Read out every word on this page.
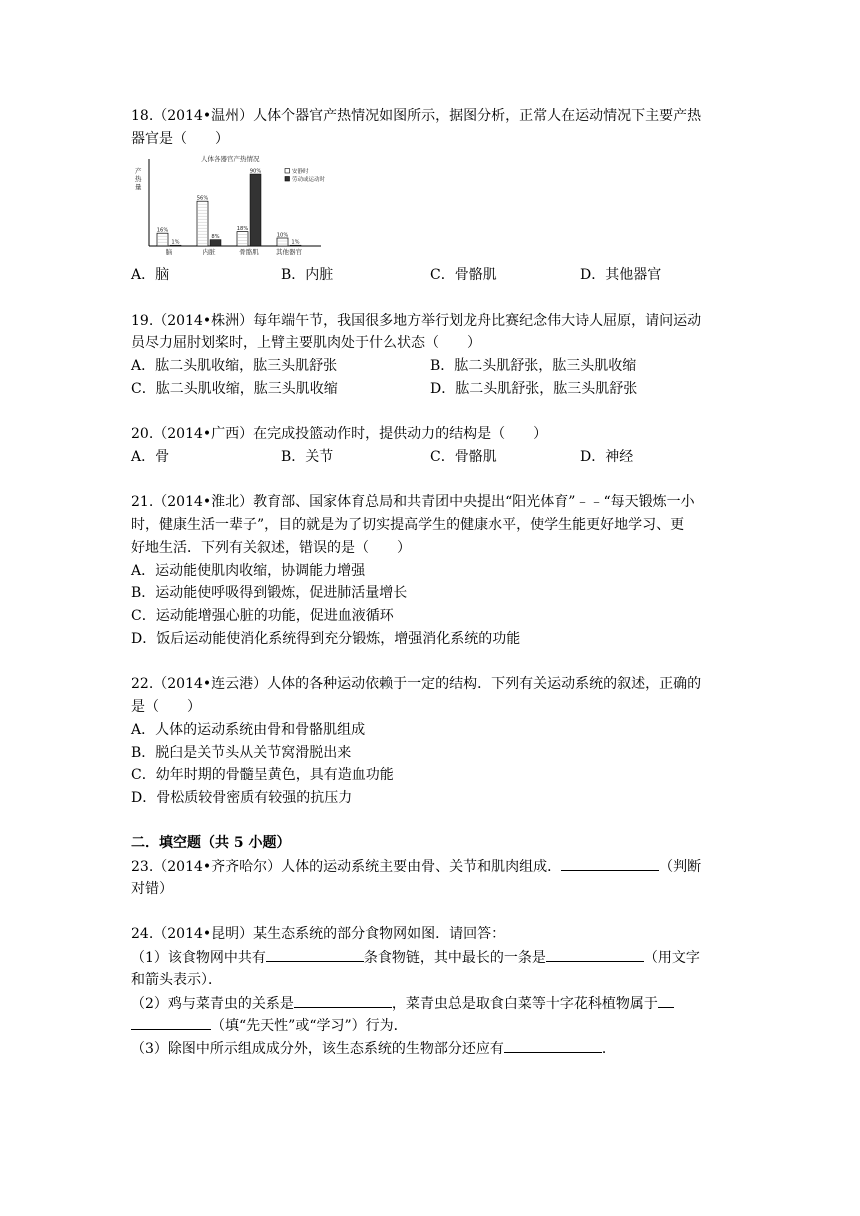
18.（2014•温州）人体个器官产热情况如图所示，据图分析，正常人在运动情况下主要产热
器官是（　　）
人体各器官产热情况
产
热
量
安静时
劳动或运动时
16%
1%
脑
56%
8%
内脏
18%
90%
骨骼肌
10%
1%
其他器官
A．脑	B．内脏	C．骨骼肌	D．其他器官
19.（2014•株洲）每年端午节，我国很多地方举行划龙舟比赛纪念伟大诗人屈原，请问运动
员尽力屈肘划桨时，上臂主要肌肉处于什么状态（　　）
A．肱二头肌收缩，肱三头肌舒张	B．肱二头肌舒张，肱三头肌收缩
C．肱二头肌收缩，肱三头肌收缩	D．肱二头肌舒张，肱三头肌舒张
20.（2014•广西）在完成投篮动作时，提供动力的结构是（　　）
A．骨	B．关节	C．骨骼肌	D．神经
21.（2014•淮北）教育部、国家体育总局和共青团中央提出“阳光体育”﹣﹣“每天锻炼一小
时，健康生活一辈子”，目的就是为了切实提高学生的健康水平，使学生能更好地学习、更
好地生活．下列有关叙述，错误的是（　　）
A．运动能使肌肉收缩，协调能力增强
B．运动能使呼吸得到锻炼，促进肺活量增长
C．运动能增强心脏的功能，促进血液循环
D．饭后运动能使消化系统得到充分锻炼，增强消化系统的功能
22.（2014•连云港）人体的各种运动依赖于一定的结构．下列有关运动系统的叙述，正确的
是（　　）
A．人体的运动系统由骨和骨骼肌组成
B．脱臼是关节头从关节窝滑脱出来
C．幼年时期的骨髓呈黄色，具有造血功能
D．骨松质较骨密质有较强的抗压力
二．填空题（共 5 小题）
23.（2014•齐齐哈尔）人体的运动系统主要由骨、关节和肌肉组成．	（判断
对错）
24.（2014•昆明）某生态系统的部分食物网如图．请回答：
（1）该食物网中共有	条食物链，其中最长的一条是	（用文字
和箭头表示）．
（2）鸡与菜青虫的关系是	，菜青虫总是取食白菜等十字花科植物属于
（填“先天性”或“学习”）行为．
（3）除图中所示组成成分外，该生态系统的生物部分还应有	．
